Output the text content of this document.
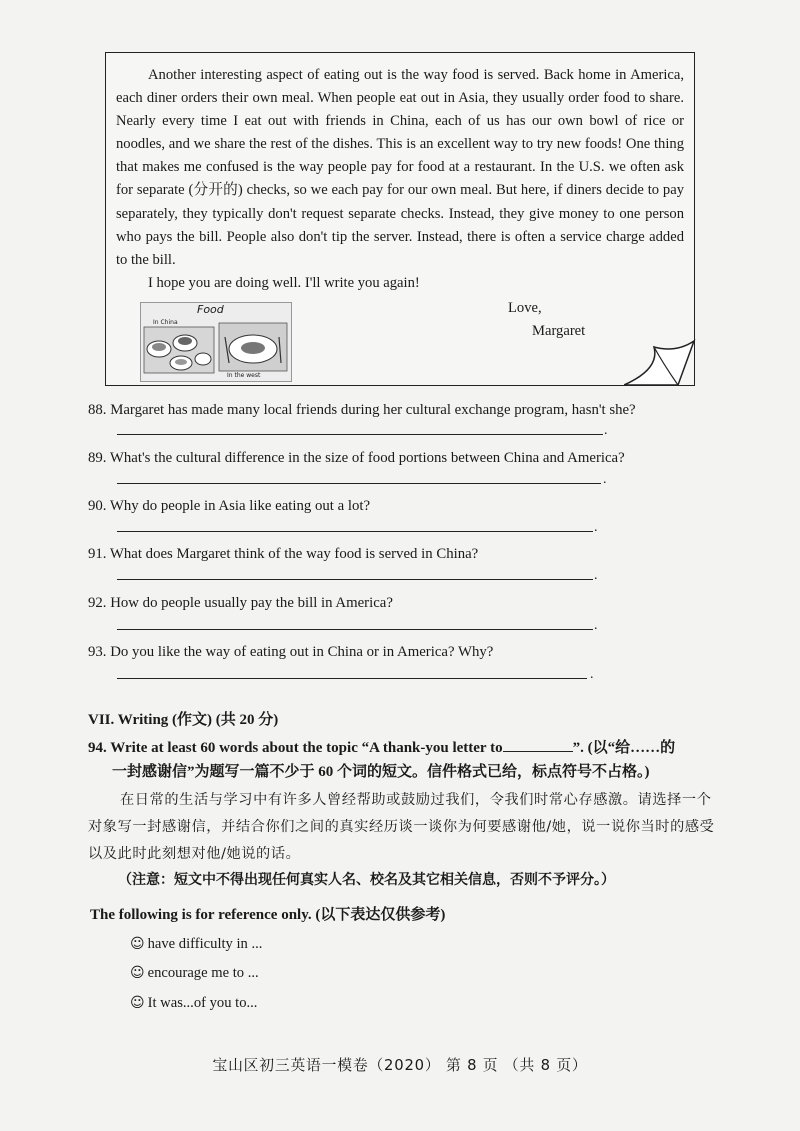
Another interesting aspect of eating out is the way food is served. Back home in America, each diner orders their own meal. When people eat out in Asia, they usually order food to share. Nearly every time I eat out with friends in China, each of us has our own bowl of rice or noodles, and we share the rest of the dishes. This is an excellent way to try new foods! One thing that makes me confused is the way people pay for food at a restaurant. In the U.S. we often ask for separate (分开的) checks, so we each pay for our own meal. But here, if diners decide to pay separately, they typically don't request separate checks. Instead, they give money to one person who pays the bill. People also don't tip the server. Instead, there is often a service charge added to the bill.

I hope you are doing well. I'll write you again!

Food
In China
In the west
Love,
Margaret
88. Margaret has made many local friends during her cultural exchange program, hasn't she?
.
89. What's the cultural difference in the size of food portions between China and America?
.
90. Why do people in Asia like eating out a lot?
.
91. What does Margaret think of the way food is served in China?
.
92. How do people usually pay the bill in America?
.
93. Do you like the way of eating out in China or in America? Why?
.
VII. Writing (作文) (共 20 分)
94. Write at least 60 words about the topic “A thank-you letter to	”. (以“给……的
一封感谢信”为题写一篇不少于 60 个词的短文。信件格式已给，标点符号不占格。)
在日常的生活与学习中有许多人曾经帮助或鼓励过我们，令我们时常心存感激。请选择一个对象写一封感谢信，并结合你们之间的真实经历谈一谈你为何要感谢他/她，说一说你当时的感受以及此时此刻想对他/她说的话。
（注意：短文中不得出现任何真实人名、校名及其它相关信息，否则不予评分。）
The following is for reference only. (以下表达仅供参考)
☺ have difficulty in ...
☺ encourage me to ...
☺ It was...of you to...
宝山区初三英语一模卷（2020） 第 8 页 （共 8 页）
